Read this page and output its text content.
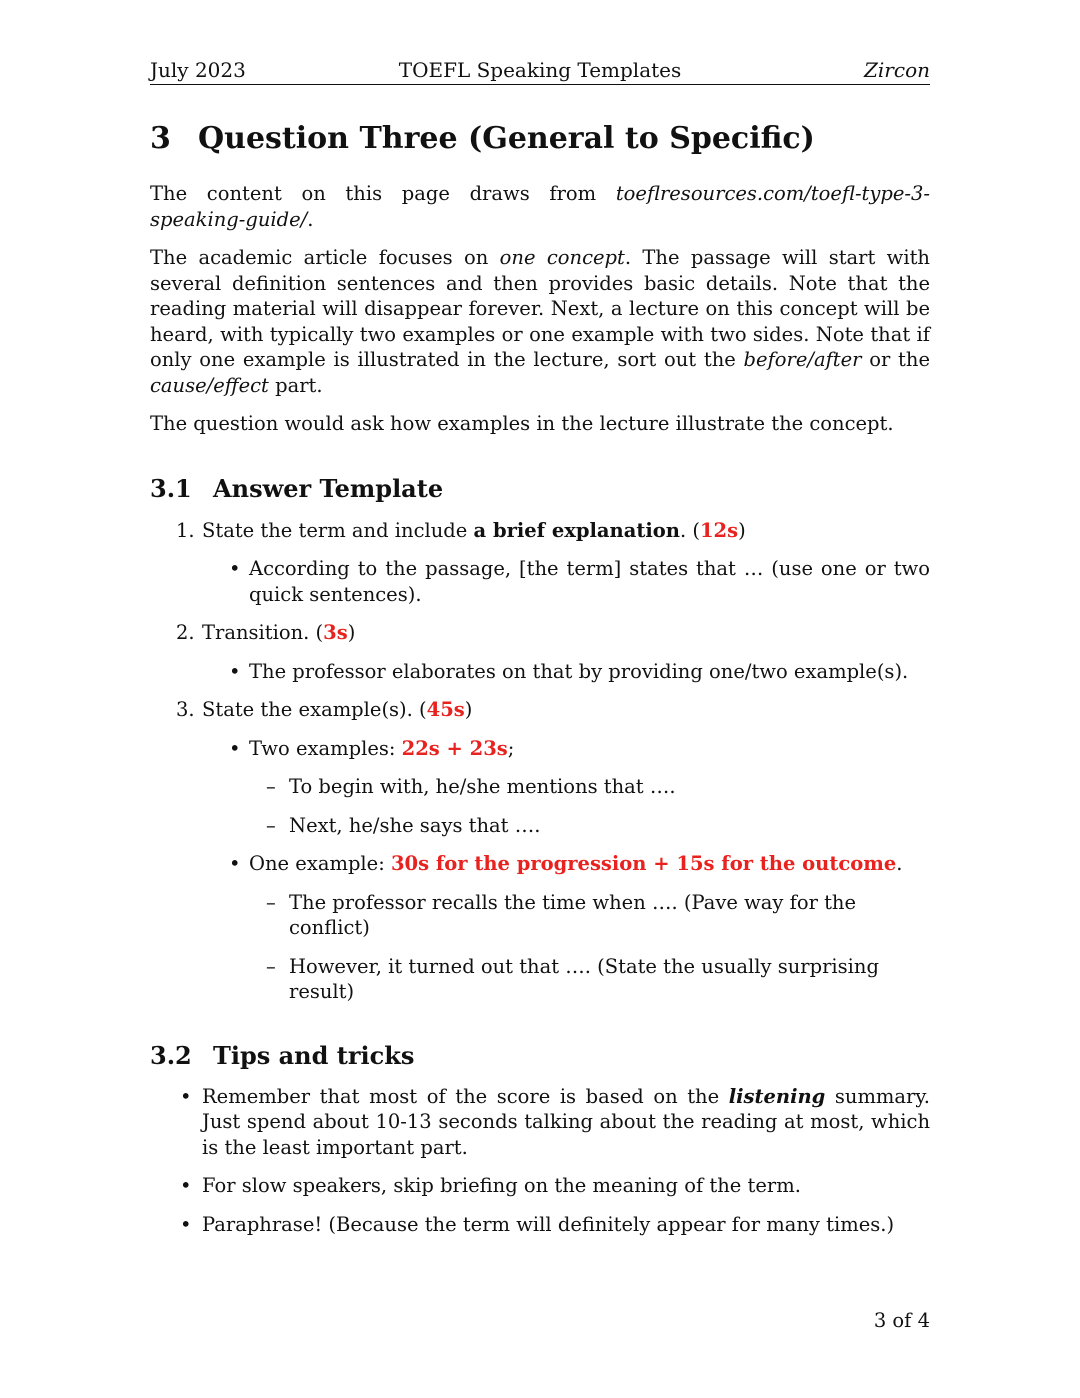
July 2023	TOEFL Speaking Templates	Zircon
3 Question Three (General to Specific)

The content on this page draws from toeflresources.com/toefl-type-3-speaking-guide/.

The academic article focuses on one concept. The passage will start with several definition sentences and then provides basic details. Note that the reading material will disappear forever. Next, a lecture on this concept will be heard, with typically two examples or one example with two sides. Note that if only one example is illustrated in the lecture, sort out the before/after or the cause/effect part.

The question would ask how examples in the lecture illustrate the concept.

3.1 Answer Template
1. State the term and include a brief explanation. (12s)
• According to the passage, [the term] states that … (use one or two quick sentences).
2. Transition. (3s)
• The professor elaborates on that by providing one/two example(s).
3. State the example(s). (45s)
• Two examples: 22s + 23s;
– To begin with, he/she mentions that ….
– Next, he/she says that ….
• One example: 30s for the progression + 15s for the outcome.
– The professor recalls the time when …. (Pave way for the conflict)
– However, it turned out that …. (State the usually surprising result)
3.2 Tips and tricks
• Remember that most of the score is based on the listening summary. Just spend about 10-13 seconds talking about the reading at most, which is the least important part.
• For slow speakers, skip briefing on the meaning of the term.
• Paraphrase! (Because the term will definitely appear for many times.)
3 of 4
